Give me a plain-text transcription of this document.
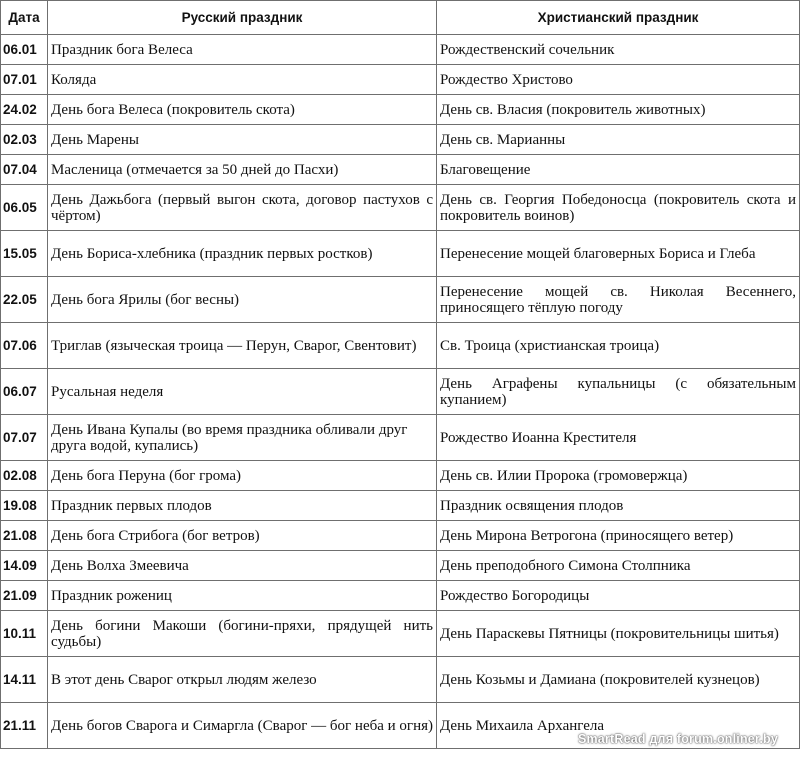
Дата	Русский праздник	Христианский праздник
06.01	Праздник бога Велеса	Рождественский сочельник
07.01	Коляда	Рождество Христово
24.02	День бога Велеса (покровитель скота)	День св. Власия (покровитель животных)
02.03	День Марены	День св. Марианны
07.04	Масленица (отмечается за 50 дней до Пасхи)	Благовещение
06.05	День Дажьбога (первый выгон скота, договор пастухов с чёртом)	День св. Георгия Победоносца (покровитель скота и покровитель воинов)
15.05	День Бориса-хлебника (праздник первых ростков)	Перенесение мощей благоверных Бориса и Глеба
22.05	День бога Ярилы (бог весны)	Перенесение мощей св. Николая Весеннего, приносящего тёплую погоду
07.06	Триглав (языческая троица — Перун, Сварог, Свентовит)	Св. Троица (христианская троица)
06.07	Русальная неделя	День Аграфены купальницы (с обязательным купанием)
07.07	День Ивана Купалы (во время праздника обливали друг друга водой, купались)	Рождество Иоанна Крестителя
02.08	День бога Перуна (бог грома)	День св. Илии Пророка (громовержца)
19.08	Праздник первых плодов	Праздник освящения плодов
21.08	День бога Стрибога (бог ветров)	День Мирона Ветрогона (приносящего ветер)
14.09	День Волха Змеевича	День преподобного Симона Столпника
21.09	Праздник рожениц	Рождество Богородицы
10.11	День богини Макоши (богини-пряхи, прядущей нить судьбы)	День Параскевы Пятницы (покровительницы шитья)
14.11	В этот день Сварог открыл людям железо	День Козьмы и Дамиана (покровителей кузнецов)
21.11	День богов Сварога и Симаргла (Сварог — бог неба и огня)	День Михаила Архангела
SmartRead для forum.onliner.by
